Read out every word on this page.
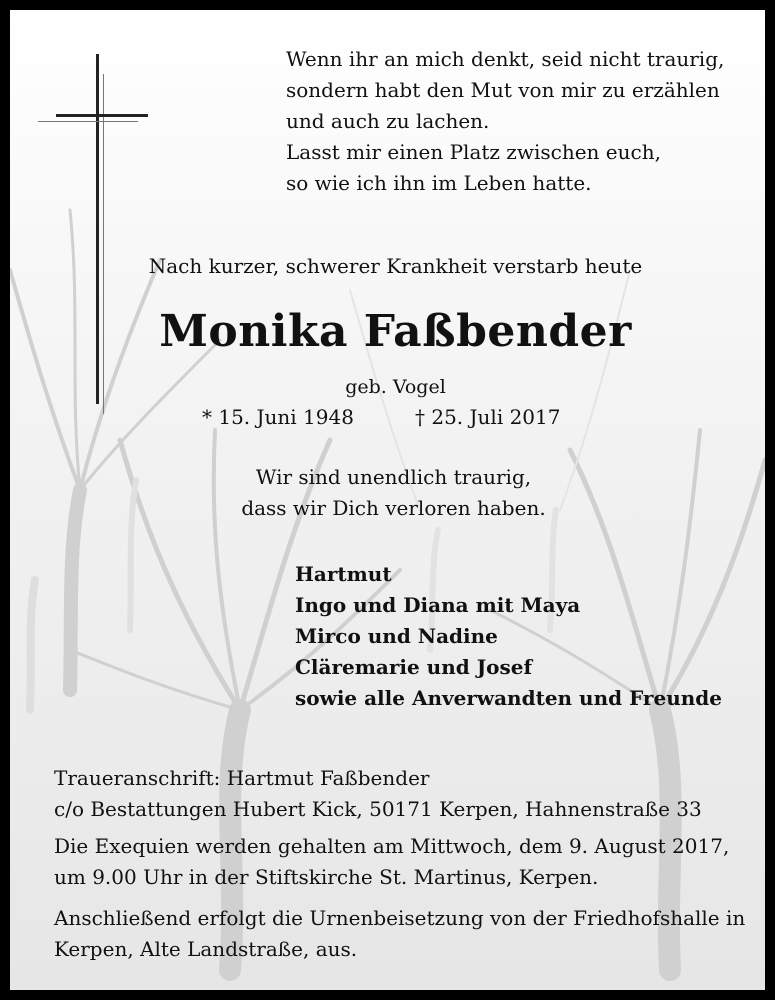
Wenn ihr an mich denkt, seid nicht traurig,
sondern habt den Mut von mir zu erzählen
und auch zu lachen.
Lasst mir einen Platz zwischen euch,
so wie ich ihn im Leben hatte.
Nach kurzer, schwerer Krankheit verstarb heute
Monika Faßbender
geb. Vogel
* 15. Juni 1948	† 25. Juli 2017
Wir sind unendlich traurig,
dass wir Dich verloren haben.
Hartmut
Ingo und Diana mit Maya
Mirco und Nadine
Cläremarie und Josef
sowie alle Anverwandten und Freunde
Traueranschrift: Hartmut Faßbender
c/o Bestattungen Hubert Kick, 50171 Kerpen, Hahnenstraße 33
Die Exequien werden gehalten am Mittwoch, dem 9. August 2017,
um 9.00 Uhr in der Stiftskirche St. Martinus, Kerpen.
Anschließend erfolgt die Urnenbeisetzung von der Friedhofshalle in
Kerpen, Alte Landstraße, aus.
